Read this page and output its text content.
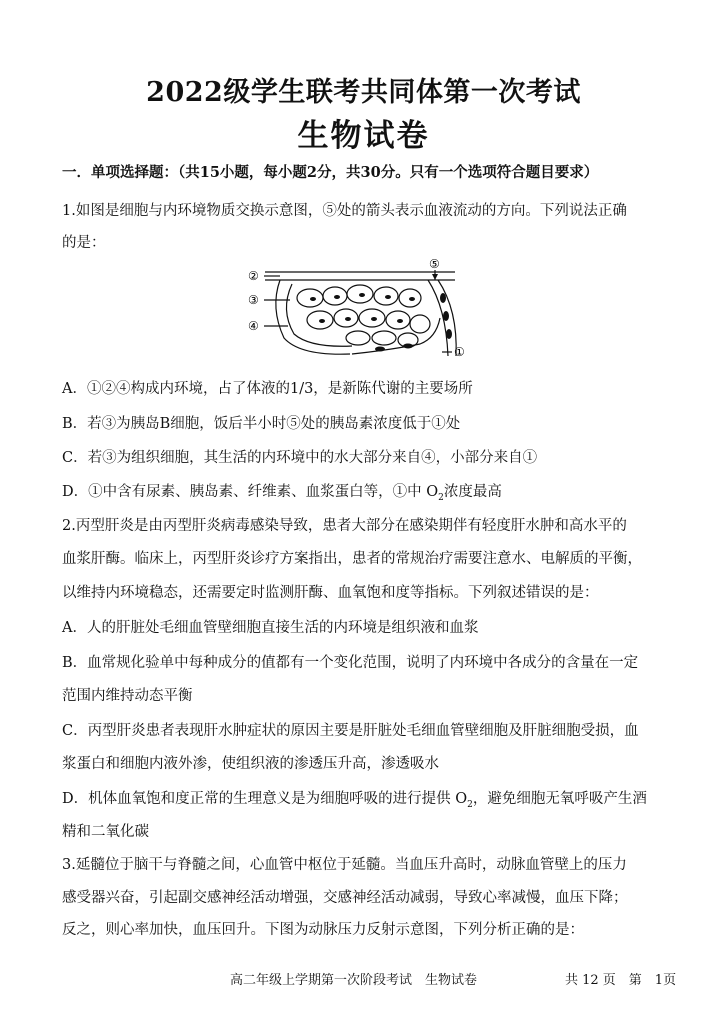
2022级学生联考共同体第一次考试
生物试卷
一．单项选择题：（共15小题，每小题2分，共30分。只有一个选项符合题目要求）
1.如图是细胞与内环境物质交换示意图，⑤处的箭头表示血液流动的方向。下列说法正确
的是：
②
③
④
⑤
①
A．①②④构成内环境，占了体液的1/3，是新陈代谢的主要场所
B．若③为胰岛B细胞，饭后半小时⑤处的胰岛素浓度低于①处
C．若③为组织细胞，其生活的内环境中的水大部分来自④，小部分来自①
D．①中含有尿素、胰岛素、纤维素、血浆蛋白等，①中 $O_2$浓度最高
2.丙型肝炎是由丙型肝炎病毒感染导致，患者大部分在感染期伴有轻度肝水肿和高水平的
血浆肝酶。临床上，丙型肝炎诊疗方案指出，患者的常规治疗需要注意水、电解质的平衡，
以维持内环境稳态，还需要定时监测肝酶、血氧饱和度等指标。下列叙述错误的是：
A．人的肝脏处毛细血管壁细胞直接生活的内环境是组织液和血浆
B．血常规化验单中每种成分的值都有一个变化范围，说明了内环境中各成分的含量在一定
范围内维持动态平衡
C．丙型肝炎患者表现肝水肿症状的原因主要是肝脏处毛细血管壁细胞及肝脏细胞受损，血
浆蛋白和细胞内液外渗，使组织液的渗透压升高，渗透吸水
D．机体血氧饱和度正常的生理意义是为细胞呼吸的进行提供 $O_2$，避免细胞无氧呼吸产生酒
精和二氧化碳
3.延髓位于脑干与脊髓之间，心血管中枢位于延髓。当血压升高时，动脉血管壁上的压力
感受器兴奋，引起副交感神经活动增强，交感神经活动减弱，导致心率减慢，血压下降；
反之，则心率加快，血压回升。下图为动脉压力反射示意图，下列分析正确的是：
高二年级上学期第一次阶段考试　生物试卷	共 12 页　第　1页
